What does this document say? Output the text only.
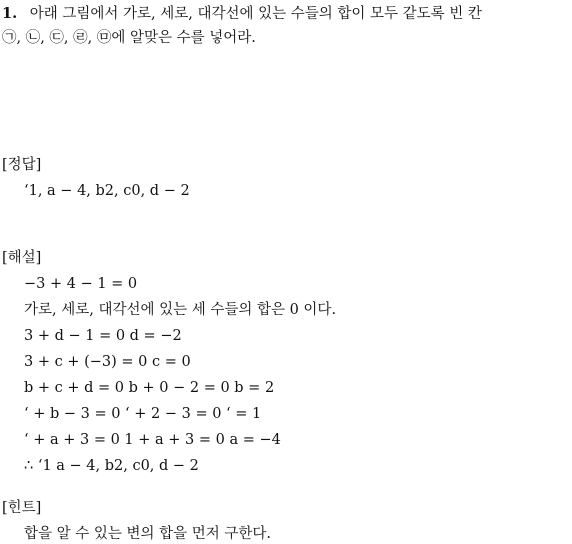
1. 아래 그림에서 가로, 세로, 대각선에 있는 수들의 합이 모두 같도록 빈 칸
㉠, ㉡, ㉢, ㉣, ㉤에 알맞은 수를 넣어라.
[정답]
‘1, a − 4, b2, c0, d − 2
[해설]
−3 + 4 − 1 = 0
가로, 세로, 대각선에 있는 세 수들의 합은 0 이다.
3 + d − 1 = 0 d = −2
3 + c + (−3) = 0 c = 0
b + c + d = 0 b + 0 − 2 = 0 b = 2
‘ + b − 3 = 0 ‘ + 2 − 3 = 0 ‘ = 1
‘ + a + 3 = 0 1 + a + 3 = 0 a = −4
∴ ‘1 a − 4, b2, c0, d − 2
[힌트]
합을 알 수 있는 변의 합을 먼저 구한다.
